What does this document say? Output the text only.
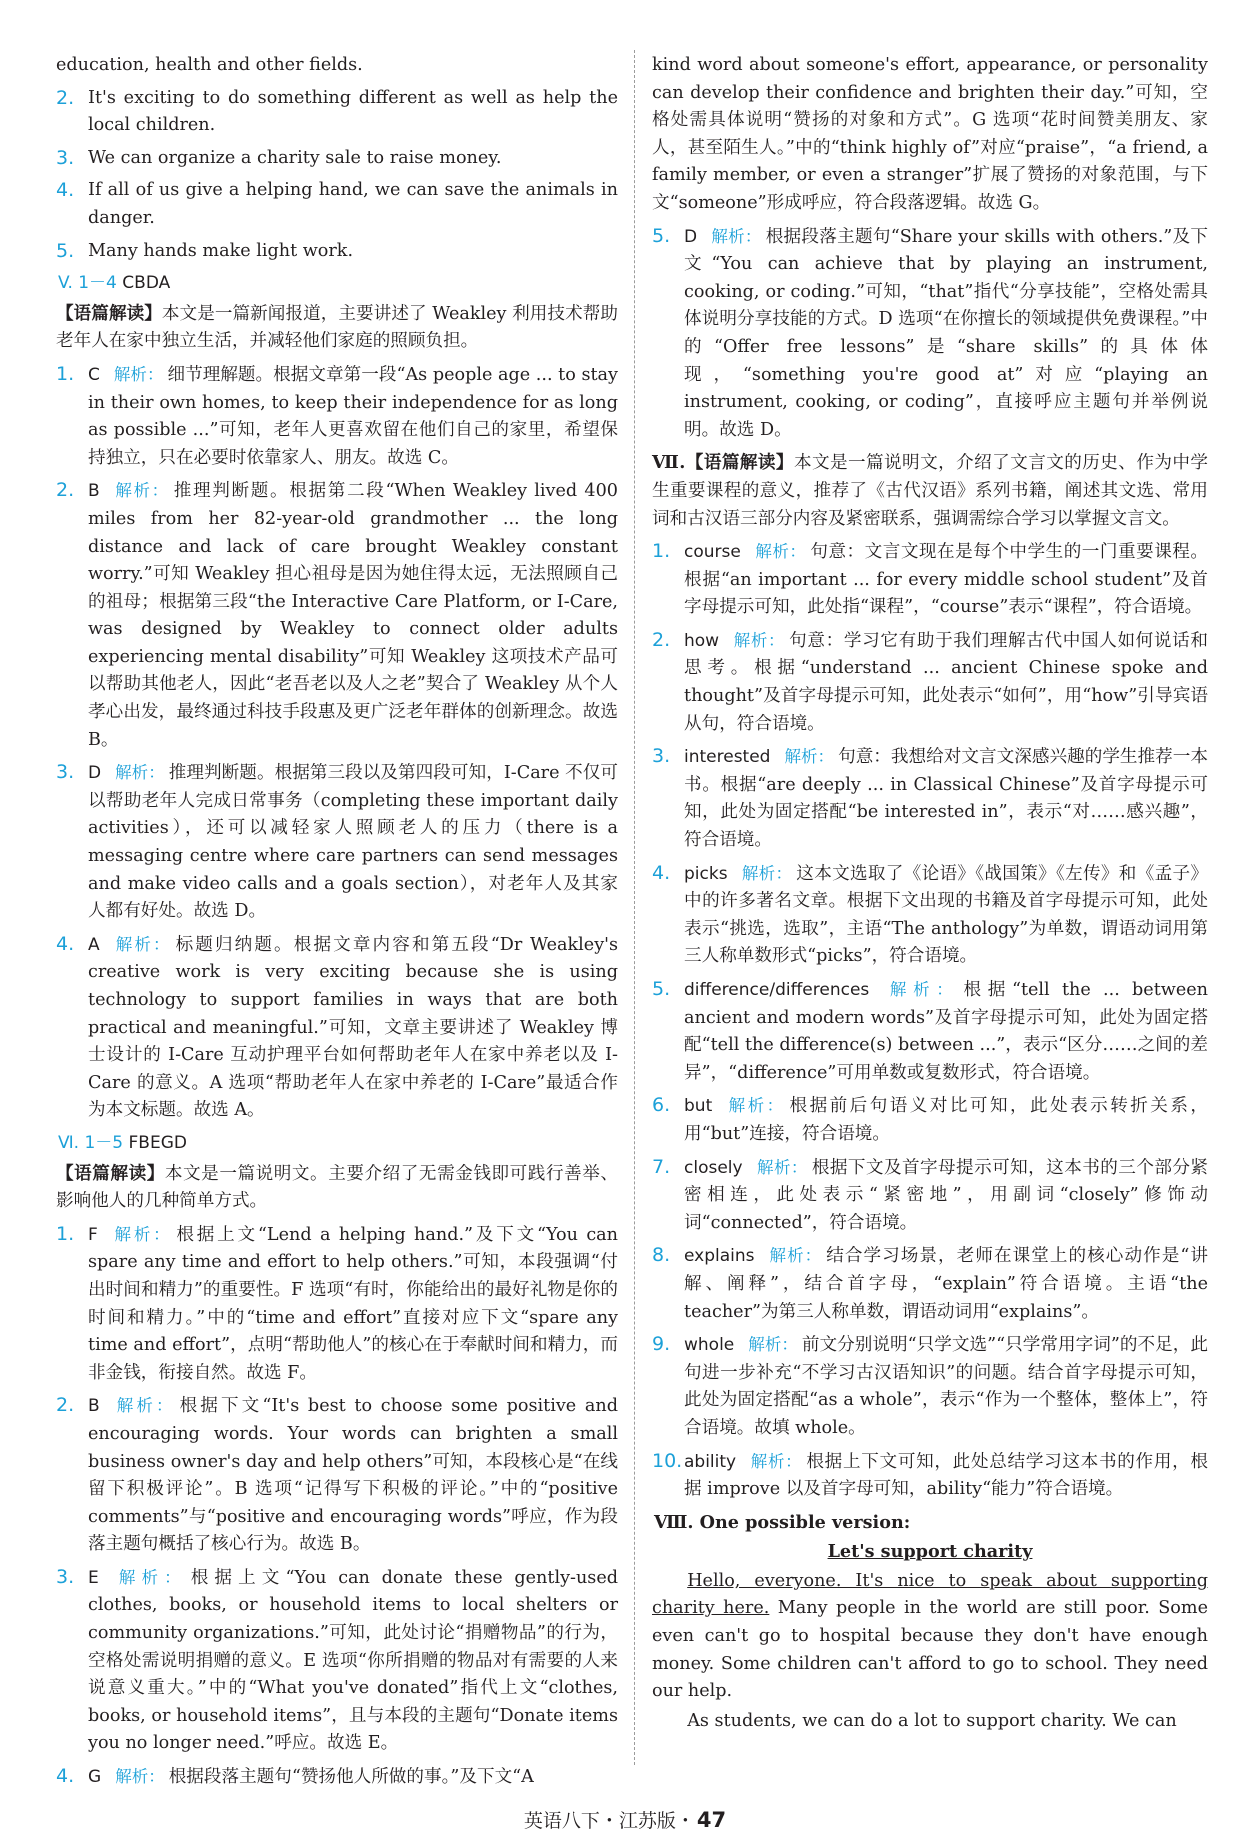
education, health and other fields.

2. It's exciting to do something different as well as help the local children.
3. We can organize a charity sale to raise money.
4. If all of us give a helping hand, we can save the animals in danger.
5. Many hands make light work.
V. 1－4 CBDA

【语篇解读】本文是一篇新闻报道，主要讲述了 Weakley 利用技术帮助老年人在家中独立生活，并减轻他们家庭的照顾负担。

1. C 解析： 细节理解题。根据文章第一段“As people age ... to stay in their own homes, to keep their independence for as long as possible ...”可知，老年人更喜欢留在他们自己的家里，希望保持独立，只在必要时依靠家人、朋友。故选 C。
2. B 解析： 推理判断题。根据第二段“When Weakley lived 400 miles from her 82-year-old grandmother ... the long distance and lack of care brought Weakley constant worry.”可知 Weakley 担心祖母是因为她住得太远，无法照顾自己的祖母；根据第三段“the Interactive Care Platform, or I-Care, was designed by Weakley to connect older adults experiencing mental disability”可知 Weakley 这项技术产品可以帮助其他老人，因此“老吾老以及人之老”契合了 Weakley 从个人孝心出发，最终通过科技手段惠及更广泛老年群体的创新理念。故选 B。
3. D 解析： 推理判断题。根据第三段以及第四段可知，I-Care 不仅可以帮助老年人完成日常事务（completing these important daily activities），还可以减轻家人照顾老人的压力（there is a messaging centre where care partners can send messages and make video calls and a goals section），对老年人及其家人都有好处。故选 D。
4. A 解析： 标题归纳题。根据文章内容和第五段“Dr Weakley's creative work is very exciting because she is using technology to support families in ways that are both practical and meaningful.”可知，文章主要讲述了 Weakley 博士设计的 I-Care 互动护理平台如何帮助老年人在家中养老以及 I-Care 的意义。A 选项“帮助老年人在家中养老的 I-Care”最适合作为本文标题。故选 A。
Ⅵ. 1－5 FBEGD

【语篇解读】本文是一篇说明文。主要介绍了无需金钱即可践行善举、影响他人的几种简单方式。

1. F 解析： 根据上文“Lend a helping hand.”及下文“You can spare any time and effort to help others.”可知，本段强调“付出时间和精力”的重要性。F 选项“有时，你能给出的最好礼物是你的时间和精力。”中的“time and effort”直接对应下文“spare any time and effort”，点明“帮助他人”的核心在于奉献时间和精力，而非金钱，衔接自然。故选 F。
2. B 解析： 根据下文“It's best to choose some positive and encouraging words. Your words can brighten a small business owner's day and help others”可知，本段核心是“在线留下积极评论”。B 选项“记得写下积极的评论。”中的“positive comments”与“positive and encouraging words”呼应，作为段落主题句概括了核心行为。故选 B。
3. E 解析： 根据上文“You can donate these gently-used clothes, books, or household items to local shelters or community organizations.”可知，此处讨论“捐赠物品”的行为，空格处需说明捐赠的意义。E 选项“你所捐赠的物品对有需要的人来说意义重大。”中的“What you've donated”指代上文“clothes, books, or household items”，且与本段的主题句“Donate items you no longer need.”呼应。故选 E。
4. G 解析： 根据段落主题句“赞扬他人所做的事。”及下文“A

kind word about someone's effort, appearance, or personality can develop their confidence and brighten their day.”可知，空格处需具体说明“赞扬的对象和方式”。G 选项“花时间赞美朋友、家人，甚至陌生人。”中的“think highly of”对应“praise”，“a friend, a family member, or even a stranger”扩展了赞扬的对象范围，与下文“someone”形成呼应，符合段落逻辑。故选 G。

5. D 解析： 根据段落主题句“Share your skills with others.”及下文“You can achieve that by playing an instrument, cooking, or coding.”可知，“that”指代“分享技能”，空格处需具体说明分享技能的方式。D 选项“在你擅长的领域提供免费课程。”中的“Offer free lessons”是“share skills”的具体体现，“something you're good at”对应“playing an instrument, cooking, or coding”，直接呼应主题句并举例说明。故选 D。

Ⅶ.【语篇解读】本文是一篇说明文，介绍了文言文的历史、作为中学生重要课程的意义，推荐了《古代汉语》系列书籍，阐述其文选、常用词和古汉语三部分内容及紧密联系，强调需综合学习以掌握文言文。

1. course 解析： 句意：文言文现在是每个中学生的一门重要课程。根据“an important ... for every middle school student”及首字母提示可知，此处指“课程”，“course”表示“课程”，符合语境。
2. how 解析： 句意：学习它有助于我们理解古代中国人如何说话和思考。根据“understand ... ancient Chinese spoke and thought”及首字母提示可知，此处表示“如何”，用“how”引导宾语从句，符合语境。
3. interested 解析： 句意：我想给对文言文深感兴趣的学生推荐一本书。根据“are deeply ... in Classical Chinese”及首字母提示可知，此处为固定搭配“be interested in”，表示“对……感兴趣”，符合语境。
4. picks 解析： 这本文选取了《论语》《战国策》《左传》和《孟子》中的许多著名文章。根据下文出现的书籍及首字母提示可知，此处表示“挑选，选取”，主语“The anthology”为单数，谓语动词用第三人称单数形式“picks”，符合语境。
5. difference/differences 解析： 根据“tell the ... between ancient and modern words”及首字母提示可知，此处为固定搭配“tell the difference(s) between ...”，表示“区分……之间的差异”，“difference”可用单数或复数形式，符合语境。
6. but 解析： 根据前后句语义对比可知，此处表示转折关系，用“but”连接，符合语境。
7. closely 解析： 根据下文及首字母提示可知，这本书的三个部分紧密相连，此处表示“紧密地”，用副词“closely”修饰动词“connected”，符合语境。
8. explains 解析： 结合学习场景，老师在课堂上的核心动作是“讲解、阐释”，结合首字母，“explain”符合语境。主语“the teacher”为第三人称单数，谓语动词用“explains”。
9. whole 解析： 前文分别说明“只学文选”“只学常用字词”的不足，此句进一步补充“不学习古汉语知识”的问题。结合首字母提示可知，此处为固定搭配“as a whole”，表示“作为一个整体，整体上”，符合语境。故填 whole。
10. ability 解析： 根据上下文可知，此处总结学习这本书的作用，根据 improve 以及首字母可知，ability“能力”符合语境。

Ⅷ. One possible version:

Let's support charity

Hello, everyone. It's nice to speak about supporting charity here. Many people in the world are still poor. Some even can't go to hospital because they don't have enough money. Some children can't afford to go to school. They need our help.

As students, we can do a lot to support charity. We can

英语八下・江苏版・47
